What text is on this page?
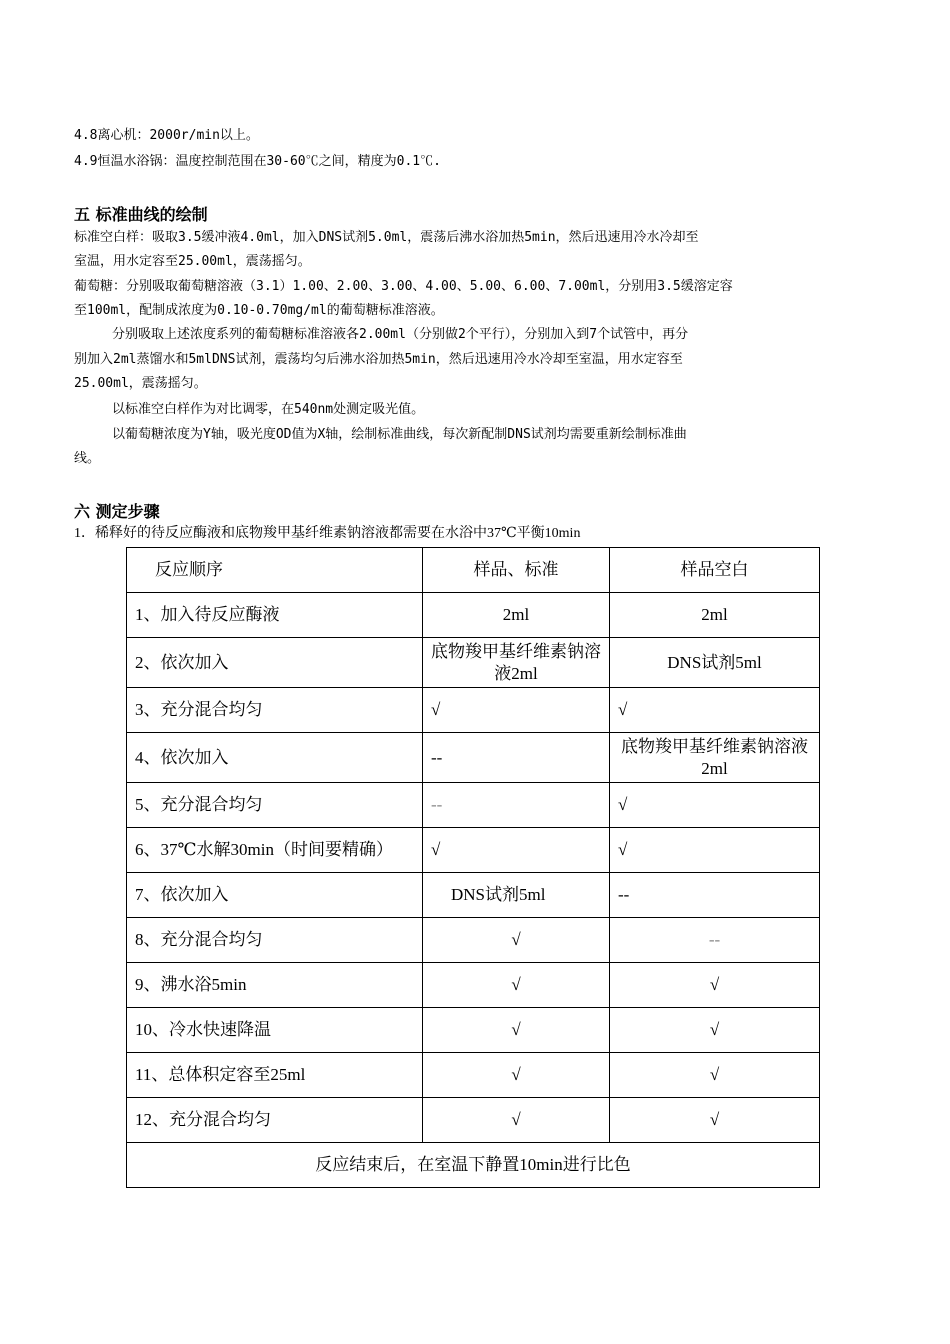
4.8离心机：2000r/min以上。
4.9恒温水浴锅：温度控制范围在30-60℃之间，精度为0.1℃.
五 标准曲线的绘制
标准空白样：吸取3.5缓冲液4.0ml，加入DNS试剂5.0ml，震荡后沸水浴加热5min，然后迅速用冷水冷却至
室温，用水定容至25.00ml，震荡摇匀。
葡萄糖：分别吸取葡萄糖溶液（3.1）1.00、2.00、3.00、4.00、5.00、6.00、7.00ml，分别用3.5缓溶定容
至100ml，配制成浓度为0.10-0.70mg/ml的葡萄糖标准溶液。
分别吸取上述浓度系列的葡萄糖标准溶液各2.00ml（分别做2个平行），分别加入到7个试管中，再分
别加入2ml蒸馏水和5mlDNS试剂，震荡均匀后沸水浴加热5min，然后迅速用冷水冷却至室温，用水定容至
25.00ml，震荡摇匀。
以标准空白样作为对比调零，在540nm处测定吸光值。
以葡萄糖浓度为Y轴，吸光度OD值为X轴，绘制标准曲线，每次新配制DNS试剂均需要重新绘制标准曲
线。
六 测定步骤
1．稀释好的待反应酶液和底物羧甲基纤维素钠溶液都需要在水浴中37℃平衡10min
反应顺序	样品、标准	样品空白
1、加入待反应酶液	2ml	2ml
2、依次加入	底物羧甲基纤维素钠溶液2ml	DNS试剂5ml
3、充分混合均匀	√	√
4、依次加入	--	底物羧甲基纤维素钠溶液2ml
5、充分混合均匀	--	√
6、37℃水解30min（时间要精确）	√	√
7、依次加入	DNS试剂5ml	--
8、充分混合均匀	√	--
9、沸水浴5min	√	√
10、冷水快速降温	√	√
11、总体积定容至25ml	√	√
12、充分混合均匀	√	√
反应结束后，在室温下静置10min进行比色		
